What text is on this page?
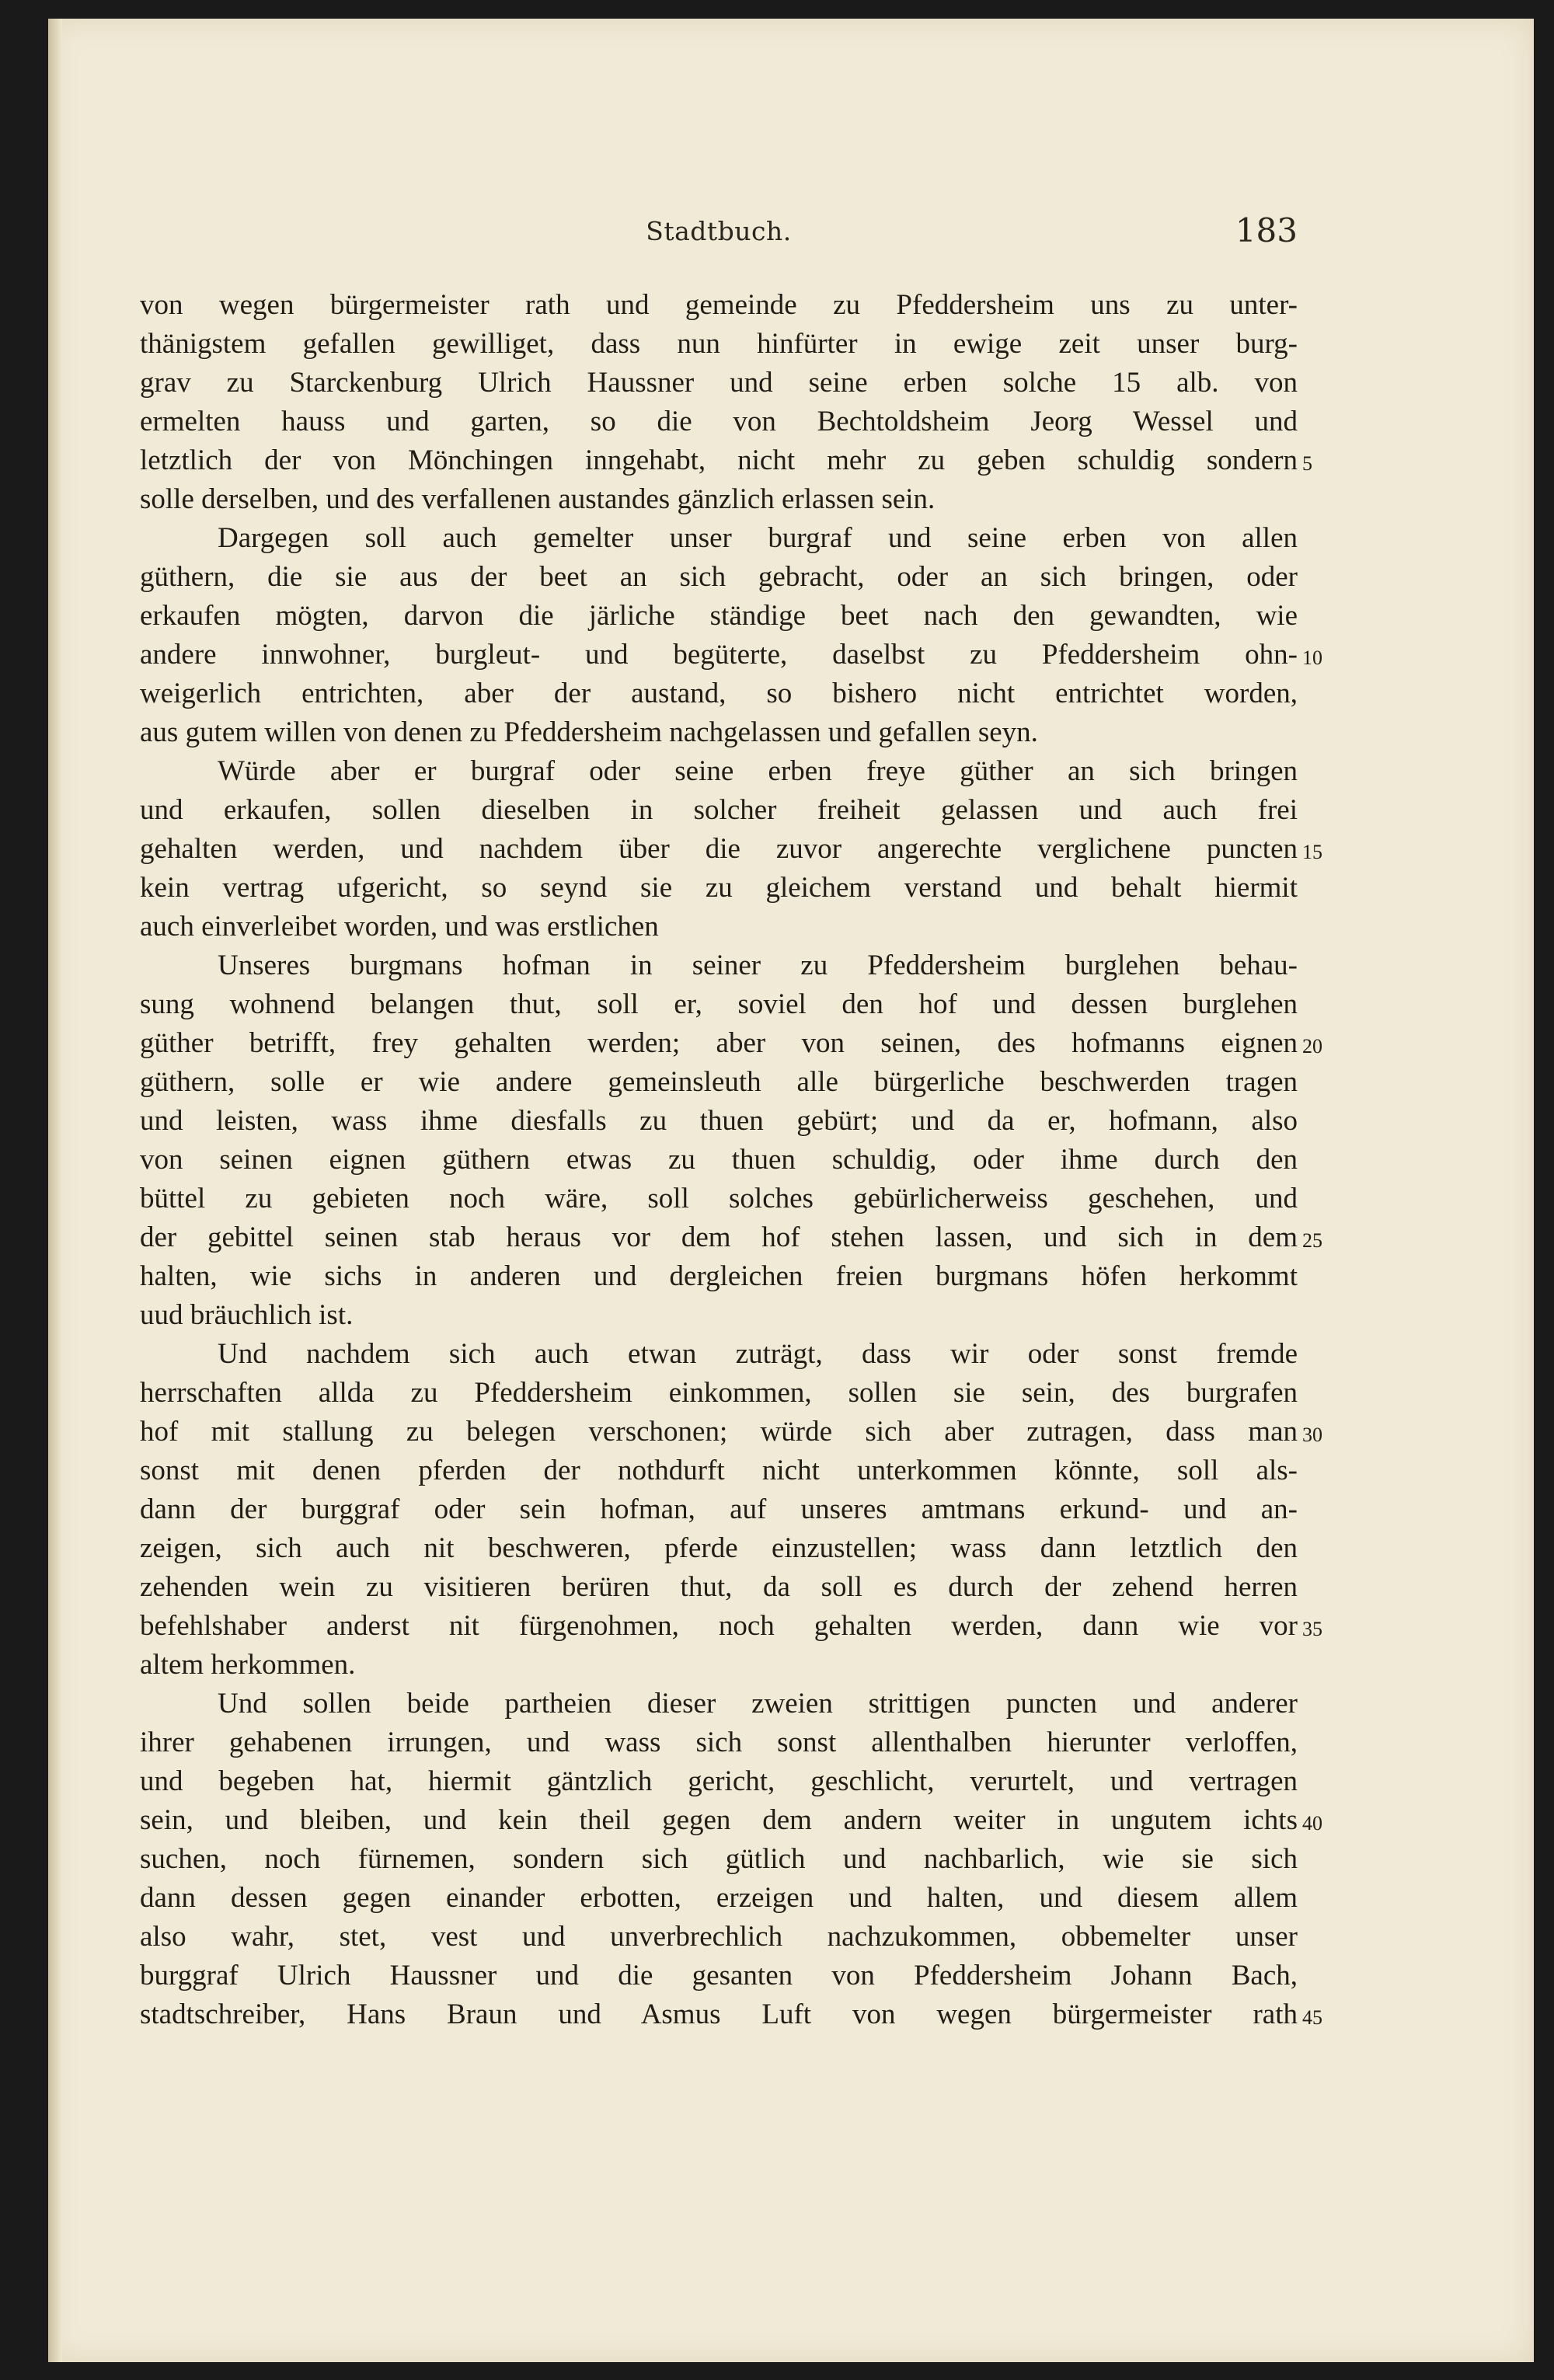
Stadtbuch.	183
von wegen bürgermeister rath und gemeinde zu Pfeddersheim uns zu unter-
thänigstem gefallen gewilliget, dass nun hinfürter in ewige zeit unser burg-
grav zu Starckenburg Ulrich Haussner und seine erben solche 15 alb. von
ermelten hauss und garten, so die von Bechtoldsheim Jeorg Wessel und
letztlich der von Mönchingen inngehabt, nicht mehr zu geben schuldig sondern 5
solle derselben, und des verfallenen austandes gänzlich erlassen sein.
Dargegen soll auch gemelter unser burgraf und seine erben von allen
güthern, die sie aus der beet an sich gebracht, oder an sich bringen, oder
erkaufen mögten, darvon die järliche ständige beet nach den gewandten, wie
andere innwohner, burgleut- und begüterte, daselbst zu Pfeddersheim ohn- 10
weigerlich entrichten, aber der austand, so bishero nicht entrichtet worden,
aus gutem willen von denen zu Pfeddersheim nachgelassen und gefallen seyn.
Würde aber er burgraf oder seine erben freye güther an sich bringen
und erkaufen, sollen dieselben in solcher freiheit gelassen und auch frei
gehalten werden, und nachdem über die zuvor angerechte verglichene puncten 15
kein vertrag ufgericht, so seynd sie zu gleichem verstand und behalt hiermit
auch einverleibet worden, und was erstlichen
Unseres burgmans hofman in seiner zu Pfeddersheim burglehen behau-
sung wohnend belangen thut, soll er, soviel den hof und dessen burglehen
güther betrifft, frey gehalten werden; aber von seinen, des hofmanns eignen 20
güthern, solle er wie andere gemeinsleuth alle bürgerliche beschwerden tragen
und leisten, wass ihme diesfalls zu thuen gebürt; und da er, hofmann, also
von seinen eignen güthern etwas zu thuen schuldig, oder ihme durch den
büttel zu gebieten noch wäre, soll solches gebürlicherweiss geschehen, und
der gebittel seinen stab heraus vor dem hof stehen lassen, und sich in dem 25
halten, wie sichs in anderen und dergleichen freien burgmans höfen herkommt
uud bräuchlich ist.
Und nachdem sich auch etwan zuträgt, dass wir oder sonst fremde
herrschaften allda zu Pfeddersheim einkommen, sollen sie sein, des burgrafen
hof mit stallung zu belegen verschonen; würde sich aber zutragen, dass man 30
sonst mit denen pferden der nothdurft nicht unterkommen könnte, soll als-
dann der burggraf oder sein hofman, auf unseres amtmans erkund- und an-
zeigen, sich auch nit beschweren, pferde einzustellen; wass dann letztlich den
zehenden wein zu visitieren berüren thut, da soll es durch der zehend herren
befehlshaber anderst nit fürgenohmen, noch gehalten werden, dann wie vor 35
altem herkommen.
Und sollen beide partheien dieser zweien strittigen puncten und anderer
ihrer gehabenen irrungen, und wass sich sonst allenthalben hierunter verloffen,
und begeben hat, hiermit gäntzlich gericht, geschlicht, verurtelt, und vertragen
sein, und bleiben, und kein theil gegen dem andern weiter in ungutem ichts 40
suchen, noch fürnemen, sondern sich gütlich und nachbarlich, wie sie sich
dann dessen gegen einander erbotten, erzeigen und halten, und diesem allem
also wahr, stet, vest und unverbrechlich nachzukommen, obbemelter unser
burggraf Ulrich Haussner und die gesanten von Pfeddersheim Johann Bach,
stadtschreiber, Hans Braun und Asmus Luft von wegen bürgermeister rath 45
